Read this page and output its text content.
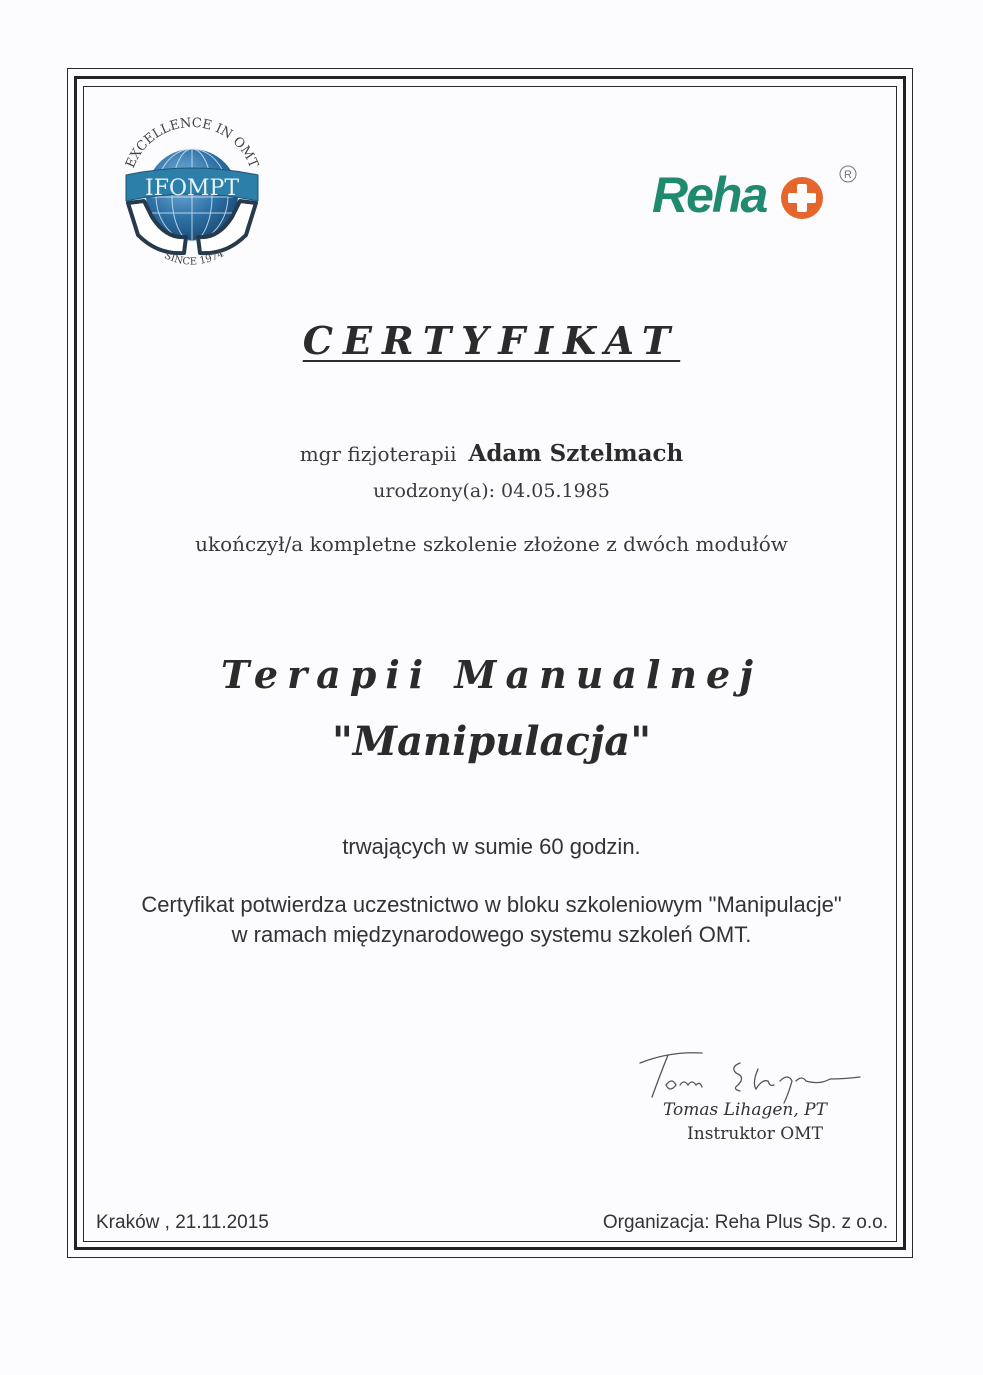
EXCELLENCE IN OMT
IFOMPT
SINCE 1974
Reha	R
CERTYFIKAT
mgr fizjoterapii Adam Sztelmach
urodzony(a): 04.05.1985
ukończył/a kompletne szkolenie złożone z dwóch modułów
Terapii Manualnej
"Manipulacja"
trwających w sumie 60 godzin.
Certyfikat potwierdza uczestnictwo w bloku szkoleniowym "Manipulacje"
w ramach międzynarodowego systemu szkoleń OMT.
Tomas Lihagen, PT
Instruktor OMT
Kraków , 21.11.2015	Organizacja: Reha Plus Sp. z o.o.
